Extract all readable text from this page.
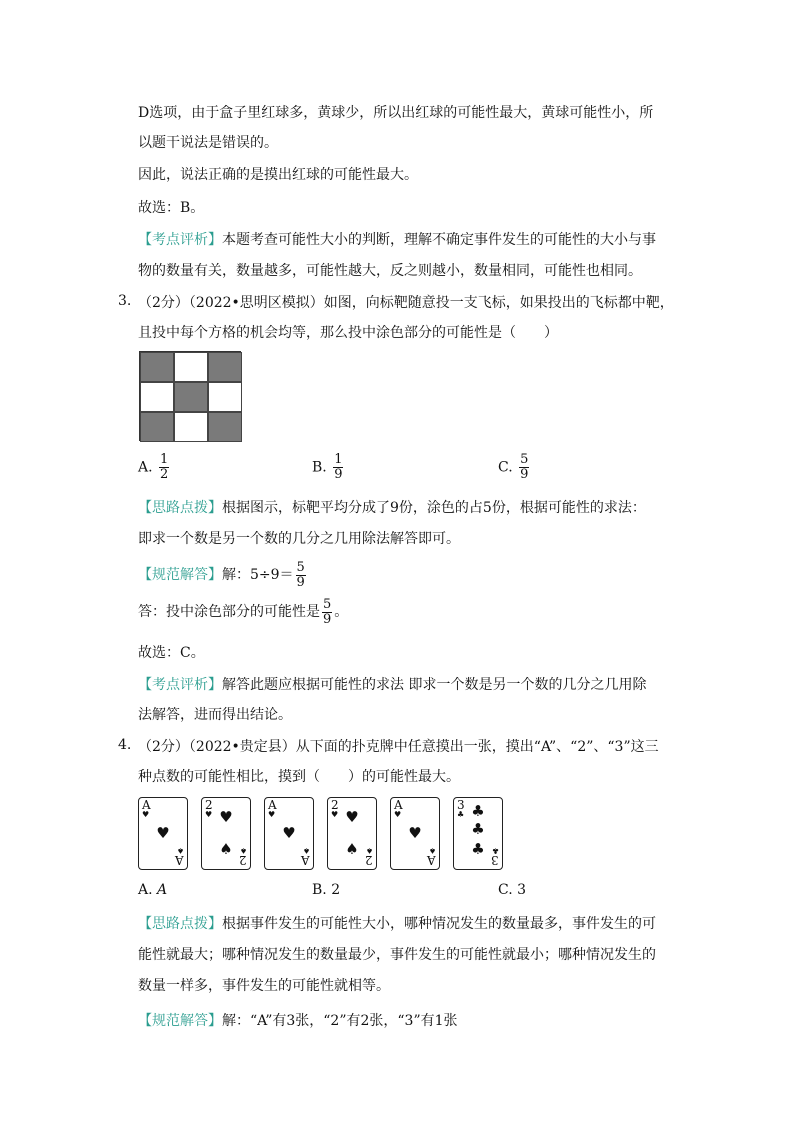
D选项，由于盒子里红球多，黄球少，所以出红球的可能性最大，黄球可能性小，所
以题干说法是错误的。
因此，说法正确的是摸出红球的可能性最大。
故选：B。
【考点评析】本题考查可能性大小的判断，理解不确定事件发生的可能性的大小与事
物的数量有关，数量越多，可能性越大，反之则越小，数量相同，可能性也相同。
3. （2分）（2022•思明区模拟）如图，向标靶随意投一支飞标，如果投出的飞标都中靶，
且投中每个方格的机会均等，那么投中涂色部分的可能性是（　　）
A. $\frac{1}{2}$	B. $\frac{1}{9}$	C. $\frac{5}{9}$
【思路点拨】根据图示，标靶平均分成了9份，涂色的占5份，根据可能性的求法：
即求一个数是另一个数的几分之几用除法解答即可。
【规范解答】解：$5\div 9= \frac{5}{9}$
答：投中涂色部分的可能性是 $\frac{5}{9}$ 。
故选：C。
【考点评析】解答此题应根据可能性的求法 即求一个数是另一个数的几分之几用除
法解答，进而得出结论。
4. （2分）（2022•贵定县）从下面的扑克牌中任意摸出一张，摸出“A”、“2”、“3”这三
种点数的可能性相比，摸到（　　）的可能性最大。
A
♥
♥
♠
A
2
♥ ♥
♠ ♠
2
A
♥
♥
♠
A
2
♥ ♥
♠ ♠
2
A
♥
♥
♠
A
3
♣ ♣
♣
♣ ♣
3
A. A	B. 2	C. 3
【思路点拨】根据事件发生的可能性大小，哪种情况发生的数量最多，事件发生的可
能性就最大；哪种情况发生的数量最少，事件发生的可能性就最小；哪种情况发生的
数量一样多，事件发生的可能性就相等。
【规范解答】解：“A”有3张，“2”有2张，“3”有1张
